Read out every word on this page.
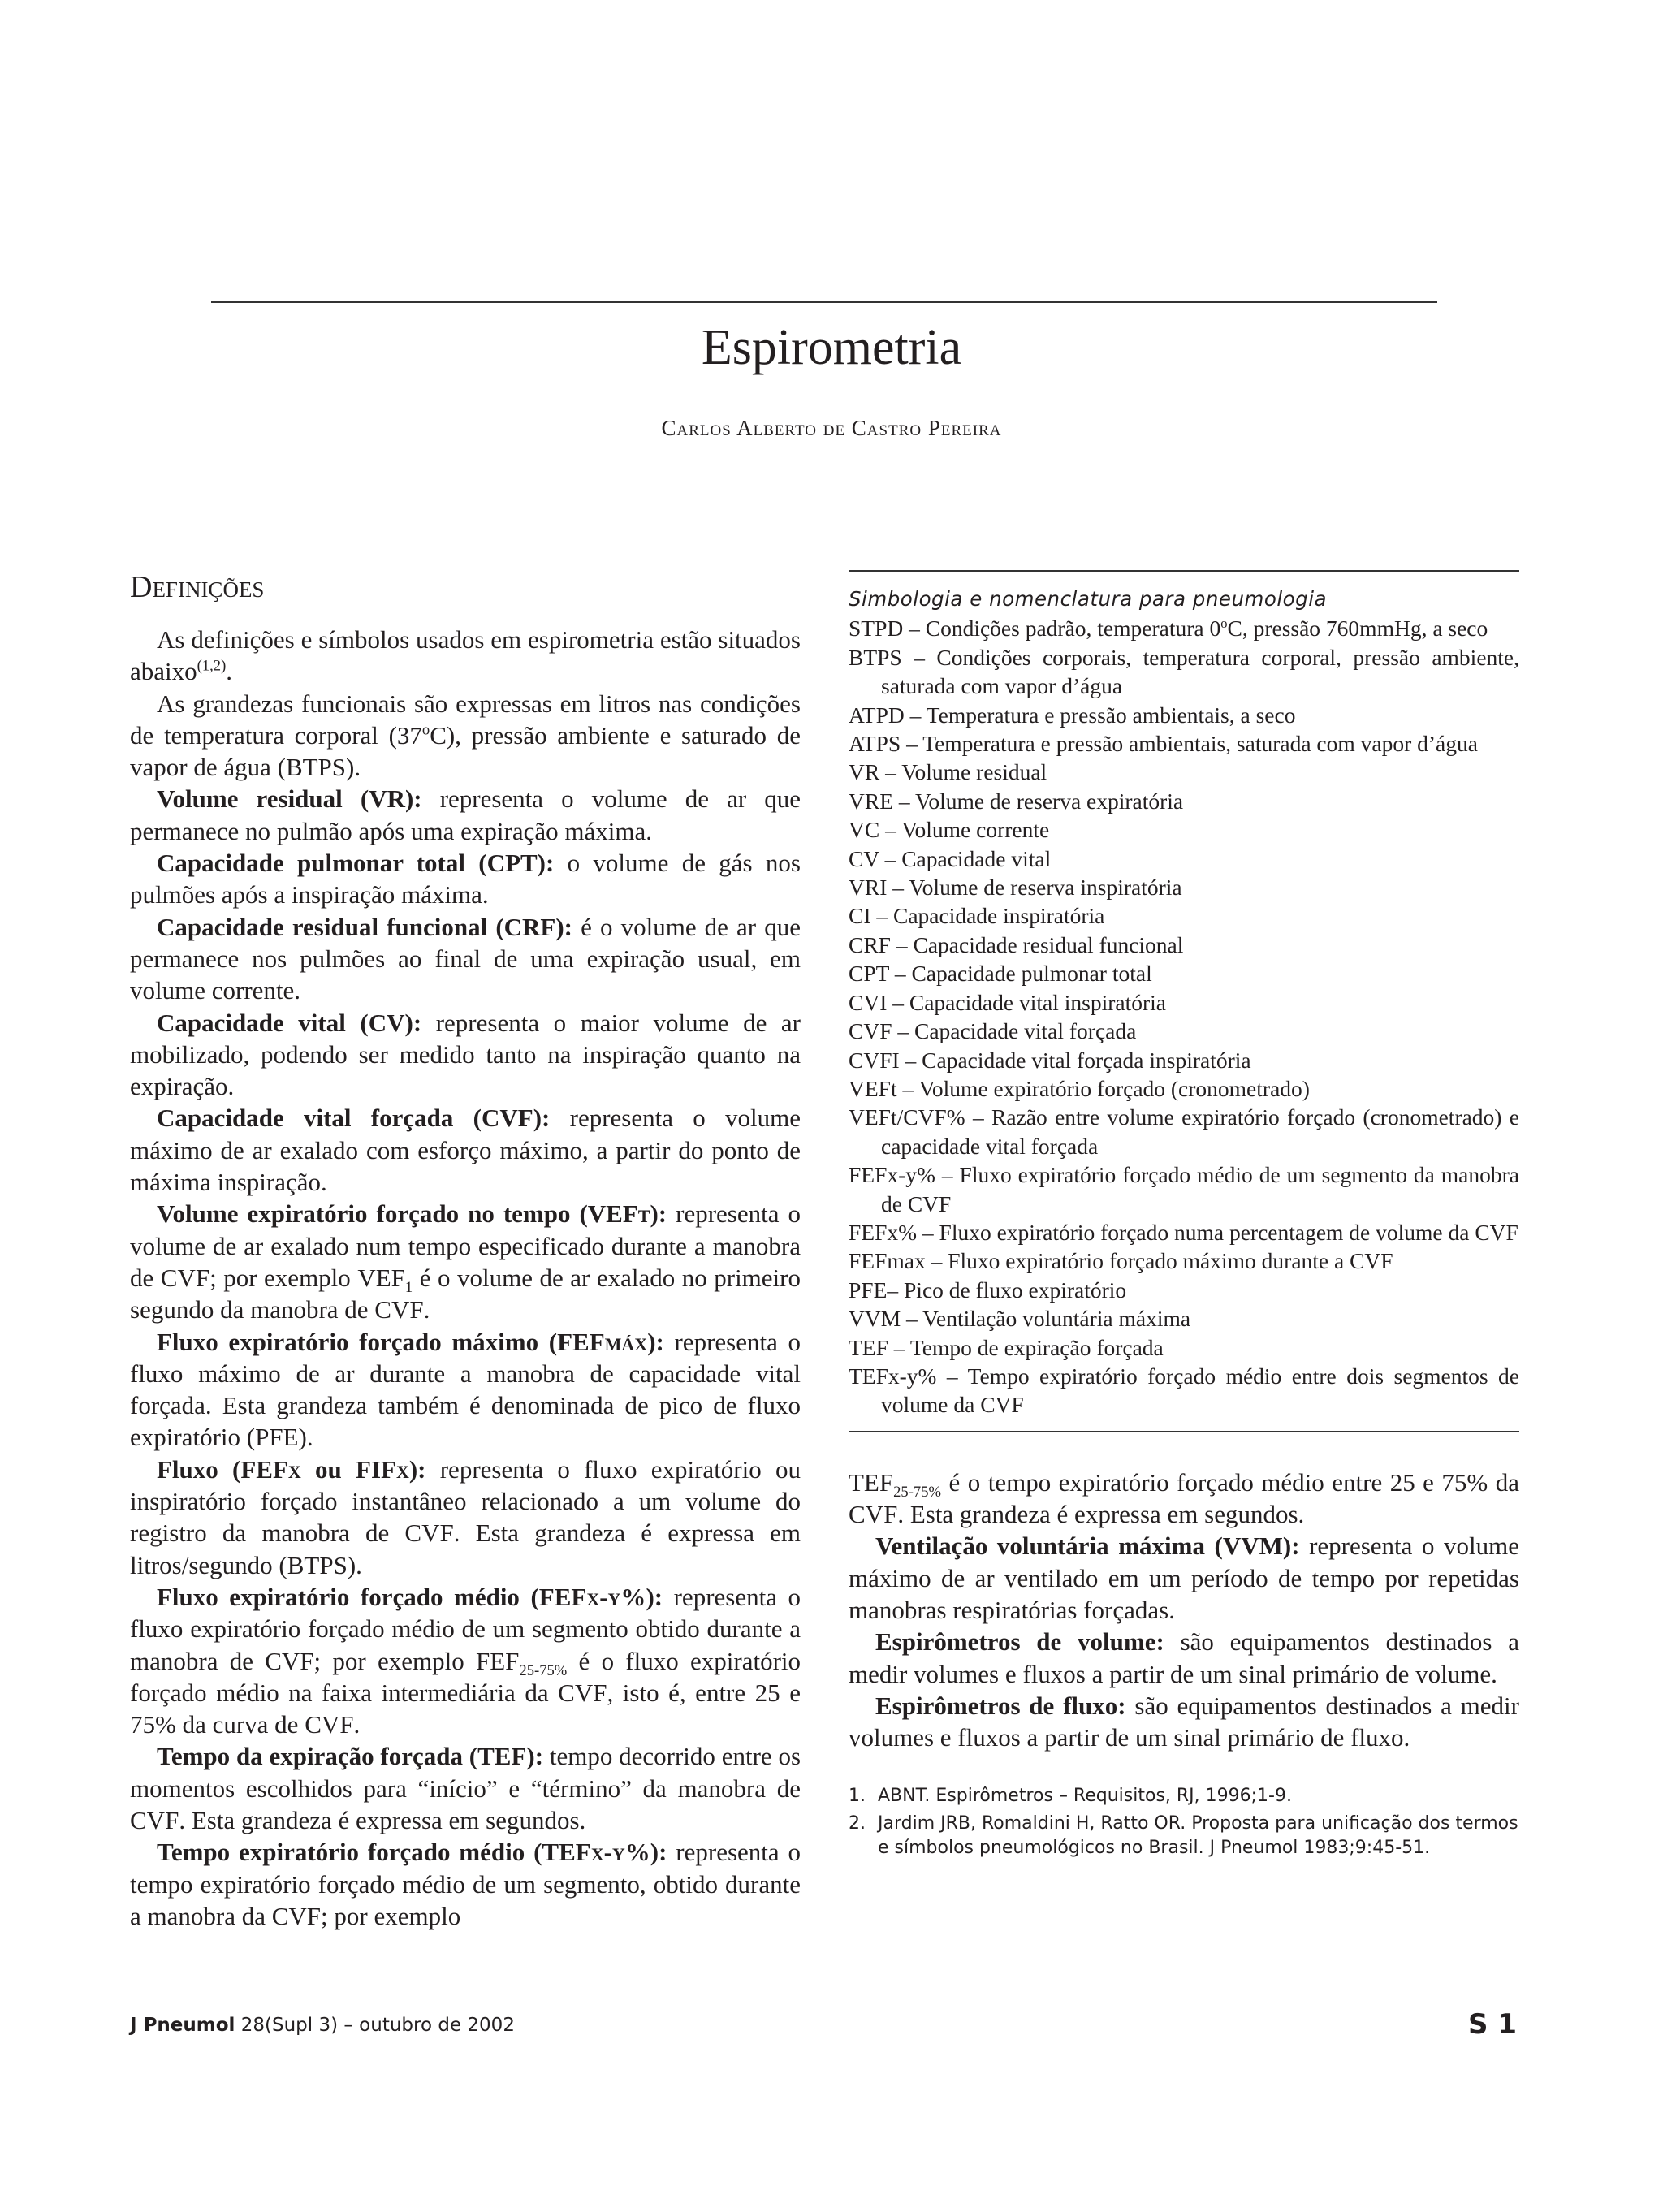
Espirometria
Carlos Alberto de Castro Pereira
Definições

As definições e símbolos usados em espirometria estão situados abaixo$^{(1,2)}$.

As grandezas funcionais são expressas em litros nas condições de temperatura corporal (37$^o$C), pressão ambiente e saturado de vapor de água (BTPS).

Volume residual (VR): representa o volume de ar que permanece no pulmão após uma expiração máxima.

Capacidade pulmonar total (CPT): o volume de gás nos pulmões após a inspiração máxima.

Capacidade residual funcional (CRF): é o volume de ar que permanece nos pulmões ao final de uma expiração usual, em volume corrente.

Capacidade vital (CV): representa o maior volume de ar mobilizado, podendo ser medido tanto na inspiração quanto na expiração.

Capacidade vital forçada (CVF): representa o volume máximo de ar exalado com esforço máximo, a partir do ponto de máxima inspiração.

Volume expiratório forçado no tempo (VEFt): representa o volume de ar exalado num tempo especificado durante a manobra de CVF; por exemplo $VEF_1$ é o volume de ar exalado no primeiro segundo da manobra de CVF.

Fluxo expiratório forçado máximo (FEFmáx): representa o fluxo máximo de ar durante a manobra de capacidade vital forçada. Esta grandeza também é denominada de pico de fluxo expiratório (PFE).

Fluxo (FEFx ou FIFx): representa o fluxo expiratório ou inspiratório forçado instantâneo relacionado a um volume do registro da manobra de CVF. Esta grandeza é expressa em litros/segundo (BTPS).

Fluxo expiratório forçado médio (FEFx-y%): representa o fluxo expiratório forçado médio de um segmento obtido durante a manobra de CVF; por exemplo $FEF_{25-75\%}$ é o fluxo expiratório forçado médio na faixa intermediária da CVF, isto é, entre 25 e 75% da curva de CVF.

Tempo da expiração forçada (TEF): tempo decorrido entre os momentos escolhidos para “início” e “término” da manobra de CVF. Esta grandeza é expressa em segundos.

Tempo expiratório forçado médio (TEFx-y%): representa o tempo expiratório forçado médio de um segmento, obtido durante a manobra da CVF; por exemplo

Simbologia e nomenclatura para pneumologia
STPD – Condições padrão, temperatura 0$^o$C, pressão 760mmHg, a seco
BTPS – Condições corporais, temperatura corporal, pressão ambiente, saturada com vapor d’água
ATPD – Temperatura e pressão ambientais, a seco
ATPS – Temperatura e pressão ambientais, saturada com vapor d’água
VR – Volume residual
VRE – Volume de reserva expiratória
VC – Volume corrente
CV – Capacidade vital
VRI – Volume de reserva inspiratória
CI – Capacidade inspiratória
CRF – Capacidade residual funcional
CPT – Capacidade pulmonar total
CVI – Capacidade vital inspiratória
CVF – Capacidade vital forçada
CVFI – Capacidade vital forçada inspiratória
VEFt – Volume expiratório forçado (cronometrado)
VEFt/CVF% – Razão entre volume expiratório forçado (cronometrado) e capacidade vital forçada
FEFx-y% – Fluxo expiratório forçado médio de um segmento da manobra de CVF
FEFx% – Fluxo expiratório forçado numa percentagem de volume da CVF
FEFmax – Fluxo expiratório forçado máximo durante a CVF
PFE– Pico de fluxo expiratório
VVM – Ventilação voluntária máxima
TEF – Tempo de expiração forçada
TEFx-y% – Tempo expiratório forçado médio entre dois segmentos de volume da CVF

$TEF_{25-75\%}$ é o tempo expiratório forçado médio entre 25 e 75% da CVF. Esta grandeza é expressa em segundos.

Ventilação voluntária máxima (VVM): representa o volume máximo de ar ventilado em um período de tempo por repetidas manobras respiratórias forçadas.

Espirômetros de volume: são equipamentos destinados a medir volumes e fluxos a partir de um sinal primário de volume.

Espirômetros de fluxo: são equipamentos destinados a medir volumes e fluxos a partir de um sinal primário de fluxo.

1. ABNT. Espirômetros – Requisitos, RJ, 1996;1-9.
2. Jardim JRB, Romaldini H, Ratto OR. Proposta para unificação dos termos e símbolos pneumológicos no Brasil. J Pneumol 1983;9:45-51.
J Pneumol 28(Supl 3) – outubro de 2002	S 1
